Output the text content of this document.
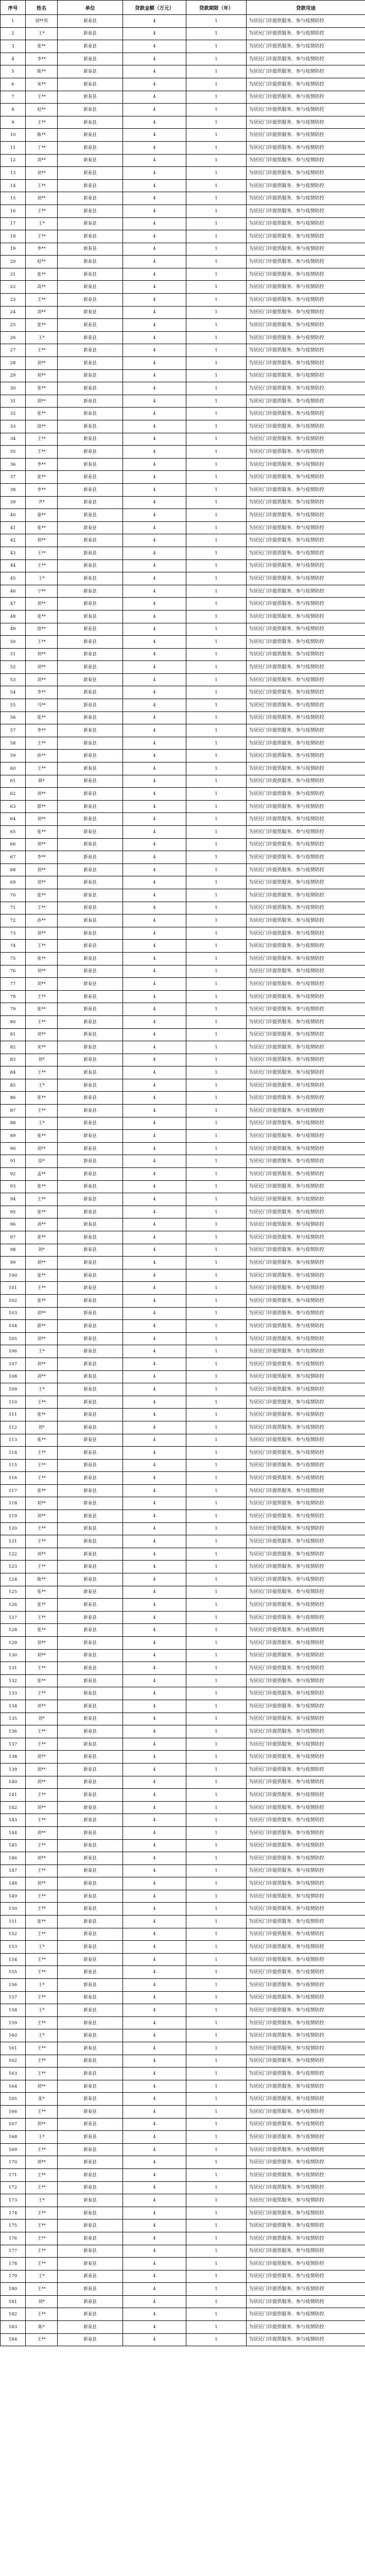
序号	姓名	单位	贷款金额（万元）	贷款期限（年）	贷款用途
1	刘**英	新泰县	4	1	为居民门诊提供服务、参与疫情防控
2	王*	新泰县	4	1	为居民门诊提供服务、参与疫情防控
3	张**	新泰县	4	1	为居民门诊提供服务、参与疫情防控
4	李**	新泰县	4	1	为居民门诊提供服务、参与疫情防控
5	陈**	新泰县	4	1	为居民门诊提供服务、参与疫情防控
6	宋**	新泰县	4	1	为居民门诊提供服务、参与疫情防控
7	王**	新泰县	4	1	为居民门诊提供服务、参与疫情防控
8	赵**	新泰县	4	1	为居民门诊提供服务、参与疫情防控
9	王**	新泰县	4	1	为居民门诊提供服务、参与疫情防控
10	陈**	新泰县	4	1	为居民门诊提供服务、参与疫情防控
11	丁**	新泰县	4	1	为居民门诊提供服务、参与疫情防控
12	刘**	新泰县	4	1	为居民门诊提供服务、参与疫情防控
13	刘**	新泰县	4	1	为居民门诊提供服务、参与疫情防控
14	王**	新泰县	4	1	为居民门诊提供服务、参与疫情防控
15	刘**	新泰县	4	1	为居民门诊提供服务、参与疫情防控
16	王**	新泰县	4	1	为居民门诊提供服务、参与疫情防控
17	王*	新泰县	4	1	为居民门诊提供服务、参与疫情防控
18	王**	新泰县	4	1	为居民门诊提供服务、参与疫情防控
19	李**	新泰县	4	1	为居民门诊提供服务、参与疫情防控
20	赵**	新泰县	4	1	为居民门诊提供服务、参与疫情防控
21	张**	新泰县	4	1	为居民门诊提供服务、参与疫情防控
22	高**	新泰县	4	1	为居民门诊提供服务、参与疫情防控
23	王**	新泰县	4	1	为居民门诊提供服务、参与疫情防控
24	刘**	新泰县	4	1	为居民门诊提供服务、参与疫情防控
25	张**	新泰县	4	1	为居民门诊提供服务、参与疫情防控
26	王*	新泰县	4	1	为居民门诊提供服务、参与疫情防控
27	王**	新泰县	4	1	为居民门诊提供服务、参与疫情防控
28	刘**	新泰县	4	1	为居民门诊提供服务、参与疫情防控
29	刘**	新泰县	4	1	为居民门诊提供服务、参与疫情防控
30	张**	新泰县	4	1	为居民门诊提供服务、参与疫情防控
31	刘**	新泰县	4	1	为居民门诊提供服务、参与疫情防控
32	张**	新泰县	4	1	为居民门诊提供服务、参与疫情防控
33	徐**	新泰县	4	1	为居民门诊提供服务、参与疫情防控
34	王**	新泰县	4	1	为居民门诊提供服务、参与疫情防控
35	王**	新泰县	4	1	为居民门诊提供服务、参与疫情防控
36	李**	新泰县	4	1	为居民门诊提供服务、参与疫情防控
37	张**	新泰县	4	1	为居民门诊提供服务、参与疫情防控
38	李**	新泰县	4	1	为居民门诊提供服务、参与疫情防控
39	尹*	新泰县	4	1	为居民门诊提供服务、参与疫情防控
40	秦**	新泰县	4	1	为居民门诊提供服务、参与疫情防控
41	张**	新泰县	4	1	为居民门诊提供服务、参与疫情防控
42	刘**	新泰县	4	1	为居民门诊提供服务、参与疫情防控
43	王**	新泰县	4	1	为居民门诊提供服务、参与疫情防控
44	王**	新泰县	4	1	为居民门诊提供服务、参与疫情防控
45	王*	新泰县	4	1	为居民门诊提供服务、参与疫情防控
46	宁**	新泰县	4	1	为居民门诊提供服务、参与疫情防控
47	刘**	新泰县	4	1	为居民门诊提供服务、参与疫情防控
48	张**	新泰县	4	1	为居民门诊提供服务、参与疫情防控
49	徐**	新泰县	4	1	为居民门诊提供服务、参与疫情防控
50	王**	新泰县	4	1	为居民门诊提供服务、参与疫情防控
51	刘**	新泰县	4	1	为居民门诊提供服务、参与疫情防控
52	刘**	新泰县	4	1	为居民门诊提供服务、参与疫情防控
53	刘**	新泰县	4	1	为居民门诊提供服务、参与疫情防控
54	李**	新泰县	4	1	为居民门诊提供服务、参与疫情防控
55	马**	新泰县	4	1	为居民门诊提供服务、参与疫情防控
56	张**	新泰县	4	1	为居民门诊提供服务、参与疫情防控
57	李**	新泰县	4	1	为居民门诊提供服务、参与疫情防控
58	王**	新泰县	4	1	为居民门诊提供服务、参与疫情防控
59	孙**	新泰县	4	1	为居民门诊提供服务、参与疫情防控
60	王**	新泰县	4	1	为居民门诊提供服务、参与疫情防控
61	薛*	新泰县	4	1	为居民门诊提供服务、参与疫情防控
62	刘**	新泰县	4	1	为居民门诊提供服务、参与疫情防控
63	郭**	新泰县	4	1	为居民门诊提供服务、参与疫情防控
64	刘**	新泰县	4	1	为居民门诊提供服务、参与疫情防控
65	张**	新泰县	4	1	为居民门诊提供服务、参与疫情防控
66	刘**	新泰县	4	1	为居民门诊提供服务、参与疫情防控
67	李**	新泰县	4	1	为居民门诊提供服务、参与疫情防控
68	刘**	新泰县	4	1	为居民门诊提供服务、参与疫情防控
69	刘**	新泰县	4	1	为居民门诊提供服务、参与疫情防控
70	张**	新泰县	4	1	为居民门诊提供服务、参与疫情防控
71	王**	新泰县	4	1	为居民门诊提供服务、参与疫情防控
72	孙**	新泰县	4	1	为居民门诊提供服务、参与疫情防控
73	刘**	新泰县	4	1	为居民门诊提供服务、参与疫情防控
74	王**	新泰县	4	1	为居民门诊提供服务、参与疫情防控
75	张**	新泰县	4	1	为居民门诊提供服务、参与疫情防控
76	刘**	新泰县	4	1	为居民门诊提供服务、参与疫情防控
77	刘**	新泰县	4	1	为居民门诊提供服务、参与疫情防控
78	王**	新泰县	4	1	为居民门诊提供服务、参与疫情防控
79	张**	新泰县	4	1	为居民门诊提供服务、参与疫情防控
80	王**	新泰县	4	1	为居民门诊提供服务、参与疫情防控
81	刘**	新泰县	4	1	为居民门诊提供服务、参与疫情防控
82	宋**	新泰县	4	1	为居民门诊提供服务、参与疫情防控
83	刘*	新泰县	4	1	为居民门诊提供服务、参与疫情防控
84	王**	新泰县	4	1	为居民门诊提供服务、参与疫情防控
85	王*	新泰县	4	1	为居民门诊提供服务、参与疫情防控
86	张**	新泰县	4	1	为居民门诊提供服务、参与疫情防控
87	王**	新泰县	4	1	为居民门诊提供服务、参与疫情防控
88	王*	新泰县	4	1	为居民门诊提供服务、参与疫情防控
89	张**	新泰县	4	1	为居民门诊提供服务、参与疫情防控
90	刘**	新泰县	4	1	为居民门诊提供服务、参与疫情防控
91	徐*	新泰县	4	1	为居民门诊提供服务、参与疫情防控
92	孟**	新泰县	4	1	为居民门诊提供服务、参与疫情防控
93	张**	新泰县	4	1	为居民门诊提供服务、参与疫情防控
94	王**	新泰县	4	1	为居民门诊提供服务、参与疫情防控
95	张**	新泰县	4	1	为居民门诊提供服务、参与疫情防控
96	刘**	新泰县	4	1	为居民门诊提供服务、参与疫情防控
97	张**	新泰县	4	1	为居民门诊提供服务、参与疫情防控
98	刘*	新泰县	4	1	为居民门诊提供服务、参与疫情防控
99	刘**	新泰县	4	1	为居民门诊提供服务、参与疫情防控
100	张**	新泰县	4	1	为居民门诊提供服务、参与疫情防控
101	王**	新泰县	4	1	为居民门诊提供服务、参与疫情防控
102	张**	新泰县	4	1	为居民门诊提供服务、参与疫情防控
103	刘**	新泰县	4	1	为居民门诊提供服务、参与疫情防控
104	郭**	新泰县	4	1	为居民门诊提供服务、参与疫情防控
105	刘**	新泰县	4	1	为居民门诊提供服务、参与疫情防控
106	王*	新泰县	4	1	为居民门诊提供服务、参与疫情防控
107	刘**	新泰县	4	1	为居民门诊提供服务、参与疫情防控
108	刘**	新泰县	4	1	为居民门诊提供服务、参与疫情防控
109	王*	新泰县	4	1	为居民门诊提供服务、参与疫情防控
110	王**	新泰县	4	1	为居民门诊提供服务、参与疫情防控
111	张**	新泰县	4	1	为居民门诊提供服务、参与疫情防控
112	刘*	新泰县	4	1	为居民门诊提供服务、参与疫情防控
113	张**	新泰县	4	1	为居民门诊提供服务、参与疫情防控
114	王**	新泰县	4	1	为居民门诊提供服务、参与疫情防控
115	王**	新泰县	4	1	为居民门诊提供服务、参与疫情防控
116	王**	新泰县	4	1	为居民门诊提供服务、参与疫情防控
117	张**	新泰县	4	1	为居民门诊提供服务、参与疫情防控
118	刘**	新泰县	4	1	为居民门诊提供服务、参与疫情防控
119	刘**	新泰县	4	1	为居民门诊提供服务、参与疫情防控
120	王**	新泰县	4	1	为居民门诊提供服务、参与疫情防控
121	王**	新泰县	4	1	为居民门诊提供服务、参与疫情防控
122	刘**	新泰县	4	1	为居民门诊提供服务、参与疫情防控
123	王**	新泰县	4	1	为居民门诊提供服务、参与疫情防控
124	陈**	新泰县	4	1	为居民门诊提供服务、参与疫情防控
125	张**	新泰县	4	1	为居民门诊提供服务、参与疫情防控
126	张**	新泰县	4	1	为居民门诊提供服务、参与疫情防控
127	王**	新泰县	4	1	为居民门诊提供服务、参与疫情防控
128	张**	新泰县	4	1	为居民门诊提供服务、参与疫情防控
129	刘**	新泰县	4	1	为居民门诊提供服务、参与疫情防控
130	刘**	新泰县	4	1	为居民门诊提供服务、参与疫情防控
131	王**	新泰县	4	1	为居民门诊提供服务、参与疫情防控
132	张**	新泰县	4	1	为居民门诊提供服务、参与疫情防控
133	王**	新泰县	4	1	为居民门诊提供服务、参与疫情防控
134	刘**	新泰县	4	1	为居民门诊提供服务、参与疫情防控
135	刘*	新泰县	4	1	为居民门诊提供服务、参与疫情防控
136	王**	新泰县	4	1	为居民门诊提供服务、参与疫情防控
137	王**	新泰县	4	1	为居民门诊提供服务、参与疫情防控
138	刘**	新泰县	4	1	为居民门诊提供服务、参与疫情防控
139	刘**	新泰县	4	1	为居民门诊提供服务、参与疫情防控
140	刘**	新泰县	4	1	为居民门诊提供服务、参与疫情防控
141	王**	新泰县	4	1	为居民门诊提供服务、参与疫情防控
142	刘**	新泰县	4	1	为居民门诊提供服务、参与疫情防控
143	王**	新泰县	4	1	为居民门诊提供服务、参与疫情防控
144	刘**	新泰县	4	1	为居民门诊提供服务、参与疫情防控
145	王**	新泰县	4	1	为居民门诊提供服务、参与疫情防控
146	刘**	新泰县	4	1	为居民门诊提供服务、参与疫情防控
147	王**	新泰县	4	1	为居民门诊提供服务、参与疫情防控
148	刘**	新泰县	4	1	为居民门诊提供服务、参与疫情防控
149	王**	新泰县	4	1	为居民门诊提供服务、参与疫情防控
150	王**	新泰县	4	1	为居民门诊提供服务、参与疫情防控
151	张**	新泰县	4	1	为居民门诊提供服务、参与疫情防控
152	王**	新泰县	4	1	为居民门诊提供服务、参与疫情防控
153	王*	新泰县	4	1	为居民门诊提供服务、参与疫情防控
154	王**	新泰县	4	1	为居民门诊提供服务、参与疫情防控
155	王**	新泰县	4	1	为居民门诊提供服务、参与疫情防控
156	王*	新泰县	4	1	为居民门诊提供服务、参与疫情防控
157	王**	新泰县	4	1	为居民门诊提供服务、参与疫情防控
158	王*	新泰县	4	1	为居民门诊提供服务、参与疫情防控
159	王**	新泰县	4	1	为居民门诊提供服务、参与疫情防控
160	王*	新泰县	4	1	为居民门诊提供服务、参与疫情防控
161	王**	新泰县	4	1	为居民门诊提供服务、参与疫情防控
162	王**	新泰县	4	1	为居民门诊提供服务、参与疫情防控
163	王**	新泰县	4	1	为居民门诊提供服务、参与疫情防控
164	刘**	新泰县	4	1	为居民门诊提供服务、参与疫情防控
165	张*	新泰县	4	1	为居民门诊提供服务、参与疫情防控
166	王**	新泰县	4	1	为居民门诊提供服务、参与疫情防控
167	刘**	新泰县	4	1	为居民门诊提供服务、参与疫情防控
168	王*	新泰县	4	1	为居民门诊提供服务、参与疫情防控
169	王**	新泰县	4	1	为居民门诊提供服务、参与疫情防控
170	刘**	新泰县	4	1	为居民门诊提供服务、参与疫情防控
171	王**	新泰县	4	1	为居民门诊提供服务、参与疫情防控
172	王**	新泰县	4	1	为居民门诊提供服务、参与疫情防控
173	王*	新泰县	4	1	为居民门诊提供服务、参与疫情防控
174	王**	新泰县	4	1	为居民门诊提供服务、参与疫情防控
175	王**	新泰县	4	1	为居民门诊提供服务、参与疫情防控
176	王**	新泰县	4	1	为居民门诊提供服务、参与疫情防控
177	王**	新泰县	4	1	为居民门诊提供服务、参与疫情防控
178	王**	新泰县	4	1	为居民门诊提供服务、参与疫情防控
179	王*	新泰县	4	1	为居民门诊提供服务、参与疫情防控
180	王**	新泰县	4	1	为居民门诊提供服务、参与疫情防控
181	刘*	新泰县	4	1	为居民门诊提供服务、参与疫情防控
182	王**	新泰县	4	1	为居民门诊提供服务、参与疫情防控
183	陈*	新泰县	4	1	为居民门诊提供服务、参与疫情防控
184	王**	新泰县	4	1	为居民门诊提供服务、参与疫情防控
